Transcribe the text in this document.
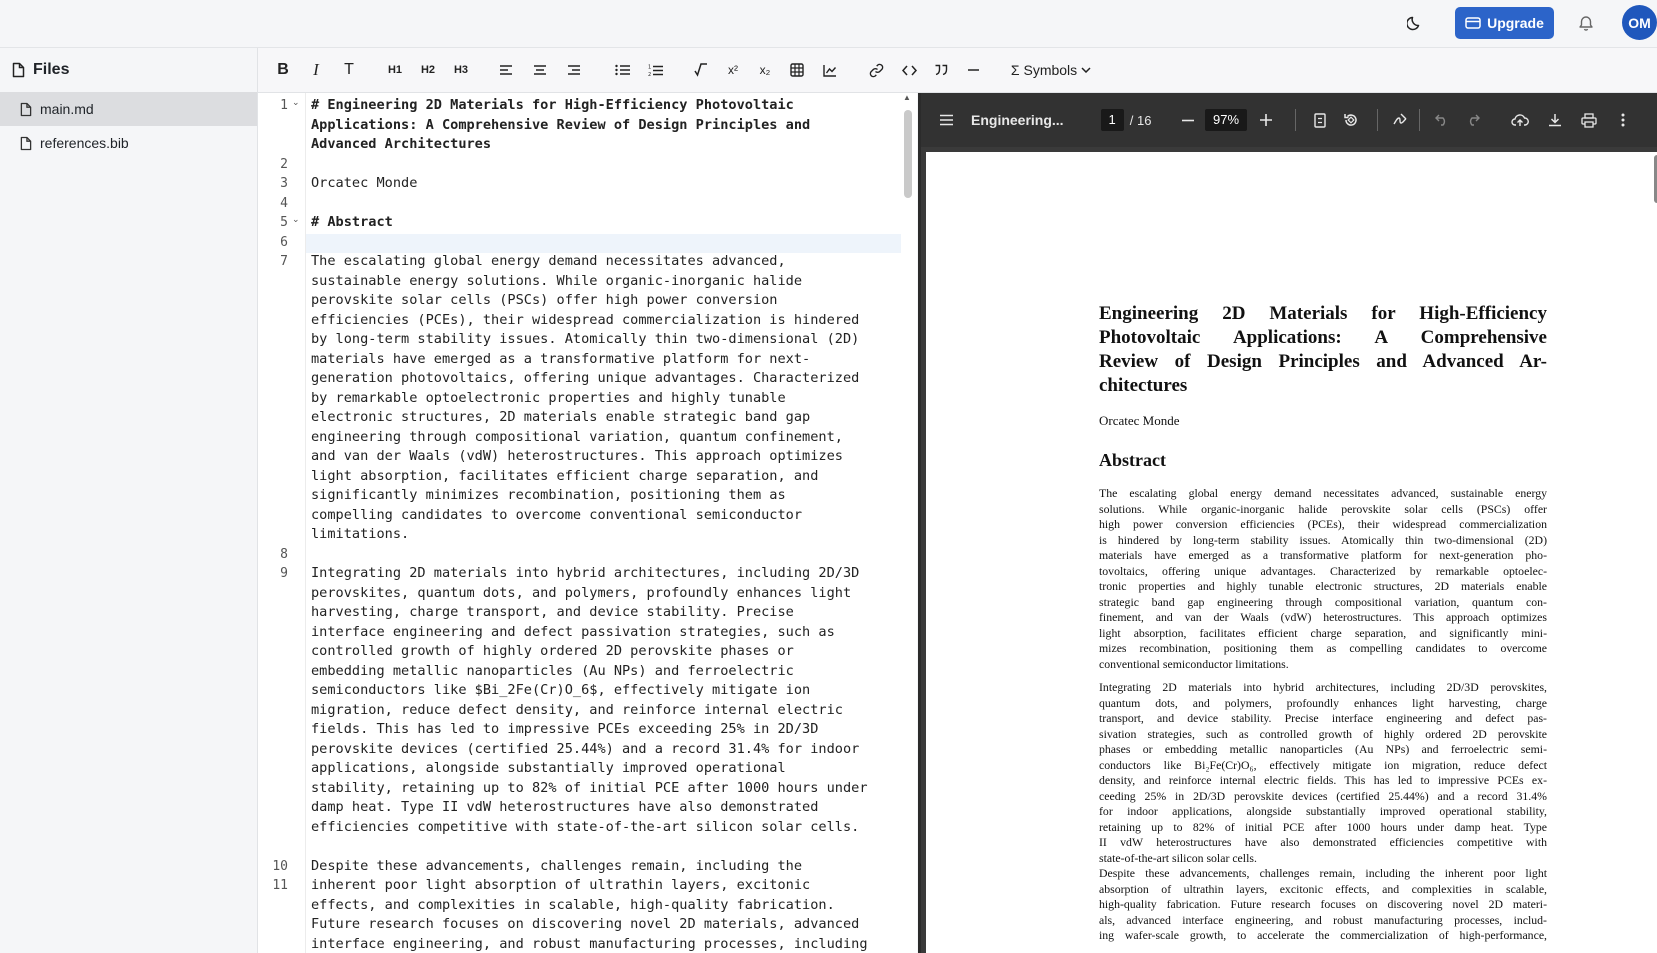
Upgrade	OM
Files
main.md
references.bib
B I T	H1 H2 H3	1
2	x² x₂	Σ Symbols
1 ⌄
2
3
4
5 ⌄
6
7
8
9
10
11
# Engineering 2D Materials for High-Efficiency Photovoltaic
Applications: A Comprehensive Review of Design Principles and
Advanced Architectures
Orcatec Monde
# Abstract
The escalating global energy demand necessitates advanced,
sustainable energy solutions. While organic-inorganic halide
perovskite solar cells (PSCs) offer high power conversion
efficiencies (PCEs), their widespread commercialization is hindered
by long-term stability issues. Atomically thin two-dimensional (2D)
materials have emerged as a transformative platform for next-
generation photovoltaics, offering unique advantages. Characterized
by remarkable optoelectronic properties and highly tunable
electronic structures, 2D materials enable strategic band gap
engineering through compositional variation, quantum confinement,
and van der Waals (vdW) heterostructures. This approach optimizes
light absorption, facilitates efficient charge separation, and
significantly minimizes recombination, positioning them as
compelling candidates to overcome conventional semiconductor
limitations.
Integrating 2D materials into hybrid architectures, including 2D/3D
perovskites, quantum dots, and polymers, profoundly enhances light
harvesting, charge transport, and device stability. Precise
interface engineering and defect passivation strategies, such as
controlled growth of highly ordered 2D perovskite phases or
embedding metallic nanoparticles (Au NPs) and ferroelectric
semiconductors like $Bi_2Fe(Cr)O_6$, effectively mitigate ion
migration, reduce defect density, and reinforce internal electric
fields. This has led to impressive PCEs exceeding 25% in 2D/3D
perovskite devices (certified 25.44%) and a record 31.4% for indoor
applications, alongside substantially improved operational
stability, retaining up to 82% of initial PCE after 1000 hours under
damp heat. Type II vdW heterostructures have also demonstrated
efficiencies competitive with state-of-the-art silicon solar cells.
Despite these advancements, challenges remain, including the
inherent poor light absorption of ultrathin layers, excitonic
effects, and complexities in scalable, high-quality fabrication.
Future research focuses on discovering novel 2D materials, advanced
interface engineering, and robust manufacturing processes, including
▲
Engineering...	1	/ 16	97%
Engineering 2D Materials for High-Efficiency
Photovoltaic Applications: A Comprehensive
Review of Design Principles and Advanced Ar-
chitectures
Orcatec Monde
Abstract
The escalating global energy demand necessitates advanced, sustainable energy
solutions. While organic-inorganic halide perovskite solar cells (PSCs) offer
high power conversion efficiencies (PCEs), their widespread commercialization
is hindered by long-term stability issues. Atomically thin two-dimensional (2D)
materials have emerged as a transformative platform for next-generation pho-
tovoltaics, offering unique advantages. Characterized by remarkable optoelec-
tronic properties and highly tunable electronic structures, 2D materials enable
strategic band gap engineering through compositional variation, quantum con-
finement, and van der Waals (vdW) heterostructures. This approach optimizes
light absorption, facilitates efficient charge separation, and significantly mini-
mizes recombination, positioning them as compelling candidates to overcome
conventional semiconductor limitations.
Integrating 2D materials into hybrid architectures, including 2D/3D perovskites,
quantum dots, and polymers, profoundly enhances light harvesting, charge
transport, and device stability. Precise interface engineering and defect pas-
sivation strategies, such as controlled growth of highly ordered 2D perovskite
phases or embedding metallic nanoparticles (Au NPs) and ferroelectric semi-
conductors like Bi₂Fe(Cr)O₆, effectively mitigate ion migration, reduce defect
density, and reinforce internal electric fields. This has led to impressive PCEs ex-
ceeding 25% in 2D/3D perovskite devices (certified 25.44%) and a record 31.4%
for indoor applications, alongside substantially improved operational stability,
retaining up to 82% of initial PCE after 1000 hours under damp heat. Type
II vdW heterostructures have also demonstrated efficiencies competitive with
state-of-the-art silicon solar cells.
Despite these advancements, challenges remain, including the inherent poor light
absorption of ultrathin layers, excitonic effects, and complexities in scalable,
high-quality fabrication. Future research focuses on discovering novel 2D materi-
als, advanced interface engineering, and robust manufacturing processes, includ-
ing wafer-scale growth, to accelerate the commercialization of high-performance,
